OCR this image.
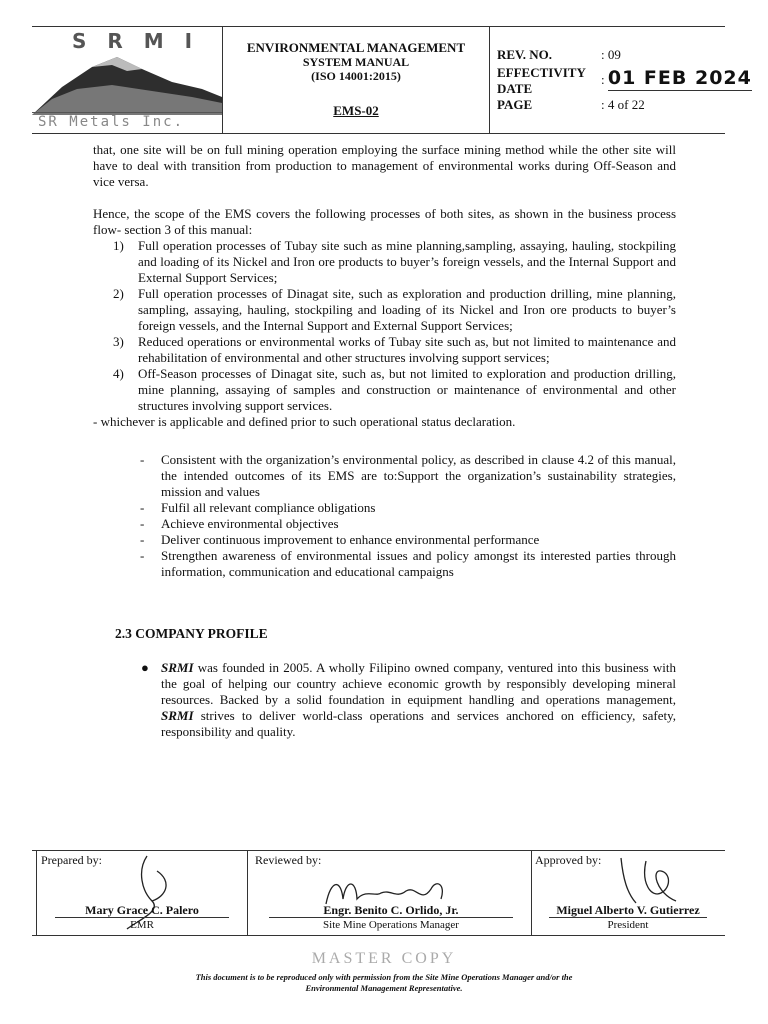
S R M I
SR Metals Inc.
ENVIRONMENTAL MANAGEMENT
SYSTEM MANUAL
(ISO 14001:2015)
EMS-02
REV. NO.	: 09
EFFECTIVITY
DATE
: 01 FEB 2024
PAGE	: 4 of 22

that, one site will be on full mining operation employing the surface mining method while the other site will have to deal with transition from production to management of environmental works during Off-Season and vice versa.

Hence, the scope of the EMS covers the following processes of both sites, as shown in the business process flow- section 3 of this manual:

1) Full operation processes of Tubay site such as mine planning,sampling, assaying, hauling, stockpiling and loading of its Nickel and Iron ore products to buyer’s foreign vessels, and the Internal Support and External Support Services;
2) Full operation processes of Dinagat site, such as exploration and production drilling, mine planning, sampling, assaying, hauling, stockpiling and loading of its Nickel and Iron ore products to buyer’s foreign vessels, and the Internal Support and External Support Services;
3) Reduced operations or environmental works of Tubay site such as, but not limited to maintenance and rehabilitation of environmental and other structures involving support services;
4) Off-Season processes of Dinagat site, such as, but not limited to exploration and production drilling, mine planning, assaying of samples and construction or maintenance of environmental and other structures involving support services.
- whichever is applicable and defined prior to such operational status declaration.
- Consistent with the organization’s environmental policy, as described in clause 4.2 of this manual, the intended outcomes of its EMS are to:Support the organization’s sustainability strategies, mission and values
- Fulfil all relevant compliance obligations
- Achieve environmental objectives
- Deliver continuous improvement to enhance environmental performance
- Strengthen awareness of environmental issues and policy amongst its interested parties through information, communication and educational campaigns
2.3 COMPANY PROFILE
● SRMI was founded in 2005. A wholly Filipino owned company, ventured into this business with the goal of helping our country achieve economic growth by responsibly developing mineral resources. Backed by a solid foundation in equipment handling and operations management, SRMI strives to deliver world-class operations and services anchored on efficiency, safety, responsibility and quality.
Prepared by:
Mary Grace C. Palero
EMR
Reviewed by:
Engr. Benito C. Orlido, Jr.
Site Mine Operations Manager
Approved by:
Miguel Alberto V. Gutierrez
President
MASTER COPY
This document is to be reproduced only with permission from the Site Mine Operations Manager and/or the
Environmental Management Representative.
